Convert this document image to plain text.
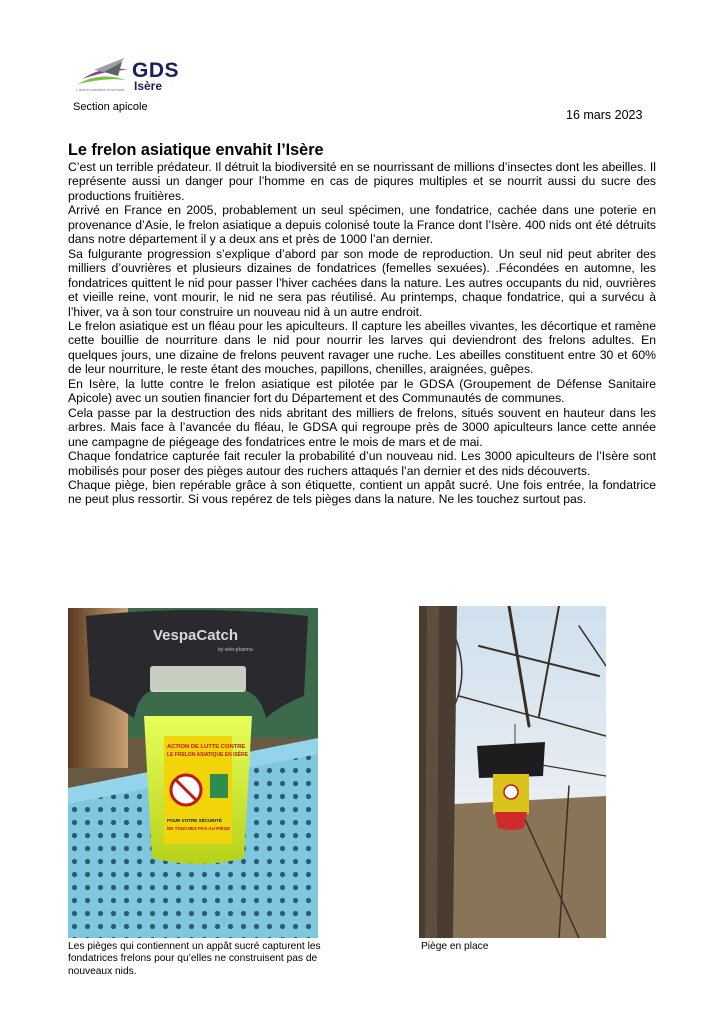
GDS
Isère
L'action sanitaire ensemble
Section apicole
16 mars 2023
Le frelon asiatique envahit l’Isère

C’est un terrible prédateur. Il détruit la biodiversité en se nourrissant de millions d’insectes dont les abeilles. Il représente aussi un danger pour l’homme en cas de piqures multiples et se nourrit aussi du sucre des productions fruitières.

Arrivé en France en 2005, probablement un seul spécimen, une fondatrice, cachée dans une poterie en provenance d’Asie, le frelon asiatique a depuis colonisé toute la France dont l’Isère. 400 nids ont été détruits dans notre département il y a deux ans et près de 1000 l’an dernier.

Sa fulgurante progression s’explique d’abord par son mode de reproduction. Un seul nid peut abriter des milliers d’ouvrières et plusieurs dizaines de fondatrices (femelles sexuées). .Fécondées en automne, les fondatrices quittent le nid pour passer l’hiver cachées dans la nature. Les autres occupants du nid, ouvrières et vieille reine, vont mourir, le nid ne sera pas réutilisé. Au printemps, chaque fondatrice, qui a survécu à l’hiver, va à son tour construire un nouveau nid à un autre endroit.

Le frelon asiatique est un fléau pour les apiculteurs. Il capture les abeilles vivantes, les décortique et ramène cette bouillie de nourriture dans le nid pour nourrir les larves qui deviendront des frelons adultes. En quelques jours, une dizaine de frelons peuvent ravager une ruche. Les abeilles constituent entre 30 et 60% de leur nourriture, le reste étant des mouches, papillons, chenilles, araignées, guêpes.

En Isère, la lutte contre le frelon asiatique est pilotée par le GDSA (Groupement de Défense Sanitaire Apicole) avec un soutien financier fort du Département et des Communautés de communes.

Cela passe par la destruction des nids abritant des milliers de frelons, situés souvent en hauteur dans les arbres. Mais face à l’avancée du fléau, le GDSA qui regroupe près de 3000 apiculteurs lance cette année une campagne de piégeage des fondatrices entre le mois de mars et de mai.

Chaque fondatrice capturée fait reculer la probabilité d’un nouveau nid. Les 3000 apiculteurs de l’Isère sont mobilisés pour poser des pièges autour des ruchers attaqués l’an dernier et des nids découverts.

Chaque piège, bien repérable grâce à son étiquette, contient un appât sucré. Une fois entrée, la fondatrice ne peut plus ressortir. Si vous repérez de tels pièges dans la nature. Ne les touchez surtout pas.

VespaCatch
by véto-pharma
ACTION DE LUTTE CONTRE
LE FRELON ASIATIQUE EN ISÈRE
POUR VOTRE SÉCURITÉ
NE TOUCHEZ PAS AU PIÈGE

Les pièges qui contiennent un appât sucré capturent les fondatrices frelons pour qu’elles ne construisent pas de nouveaux nids.

Piège en place
